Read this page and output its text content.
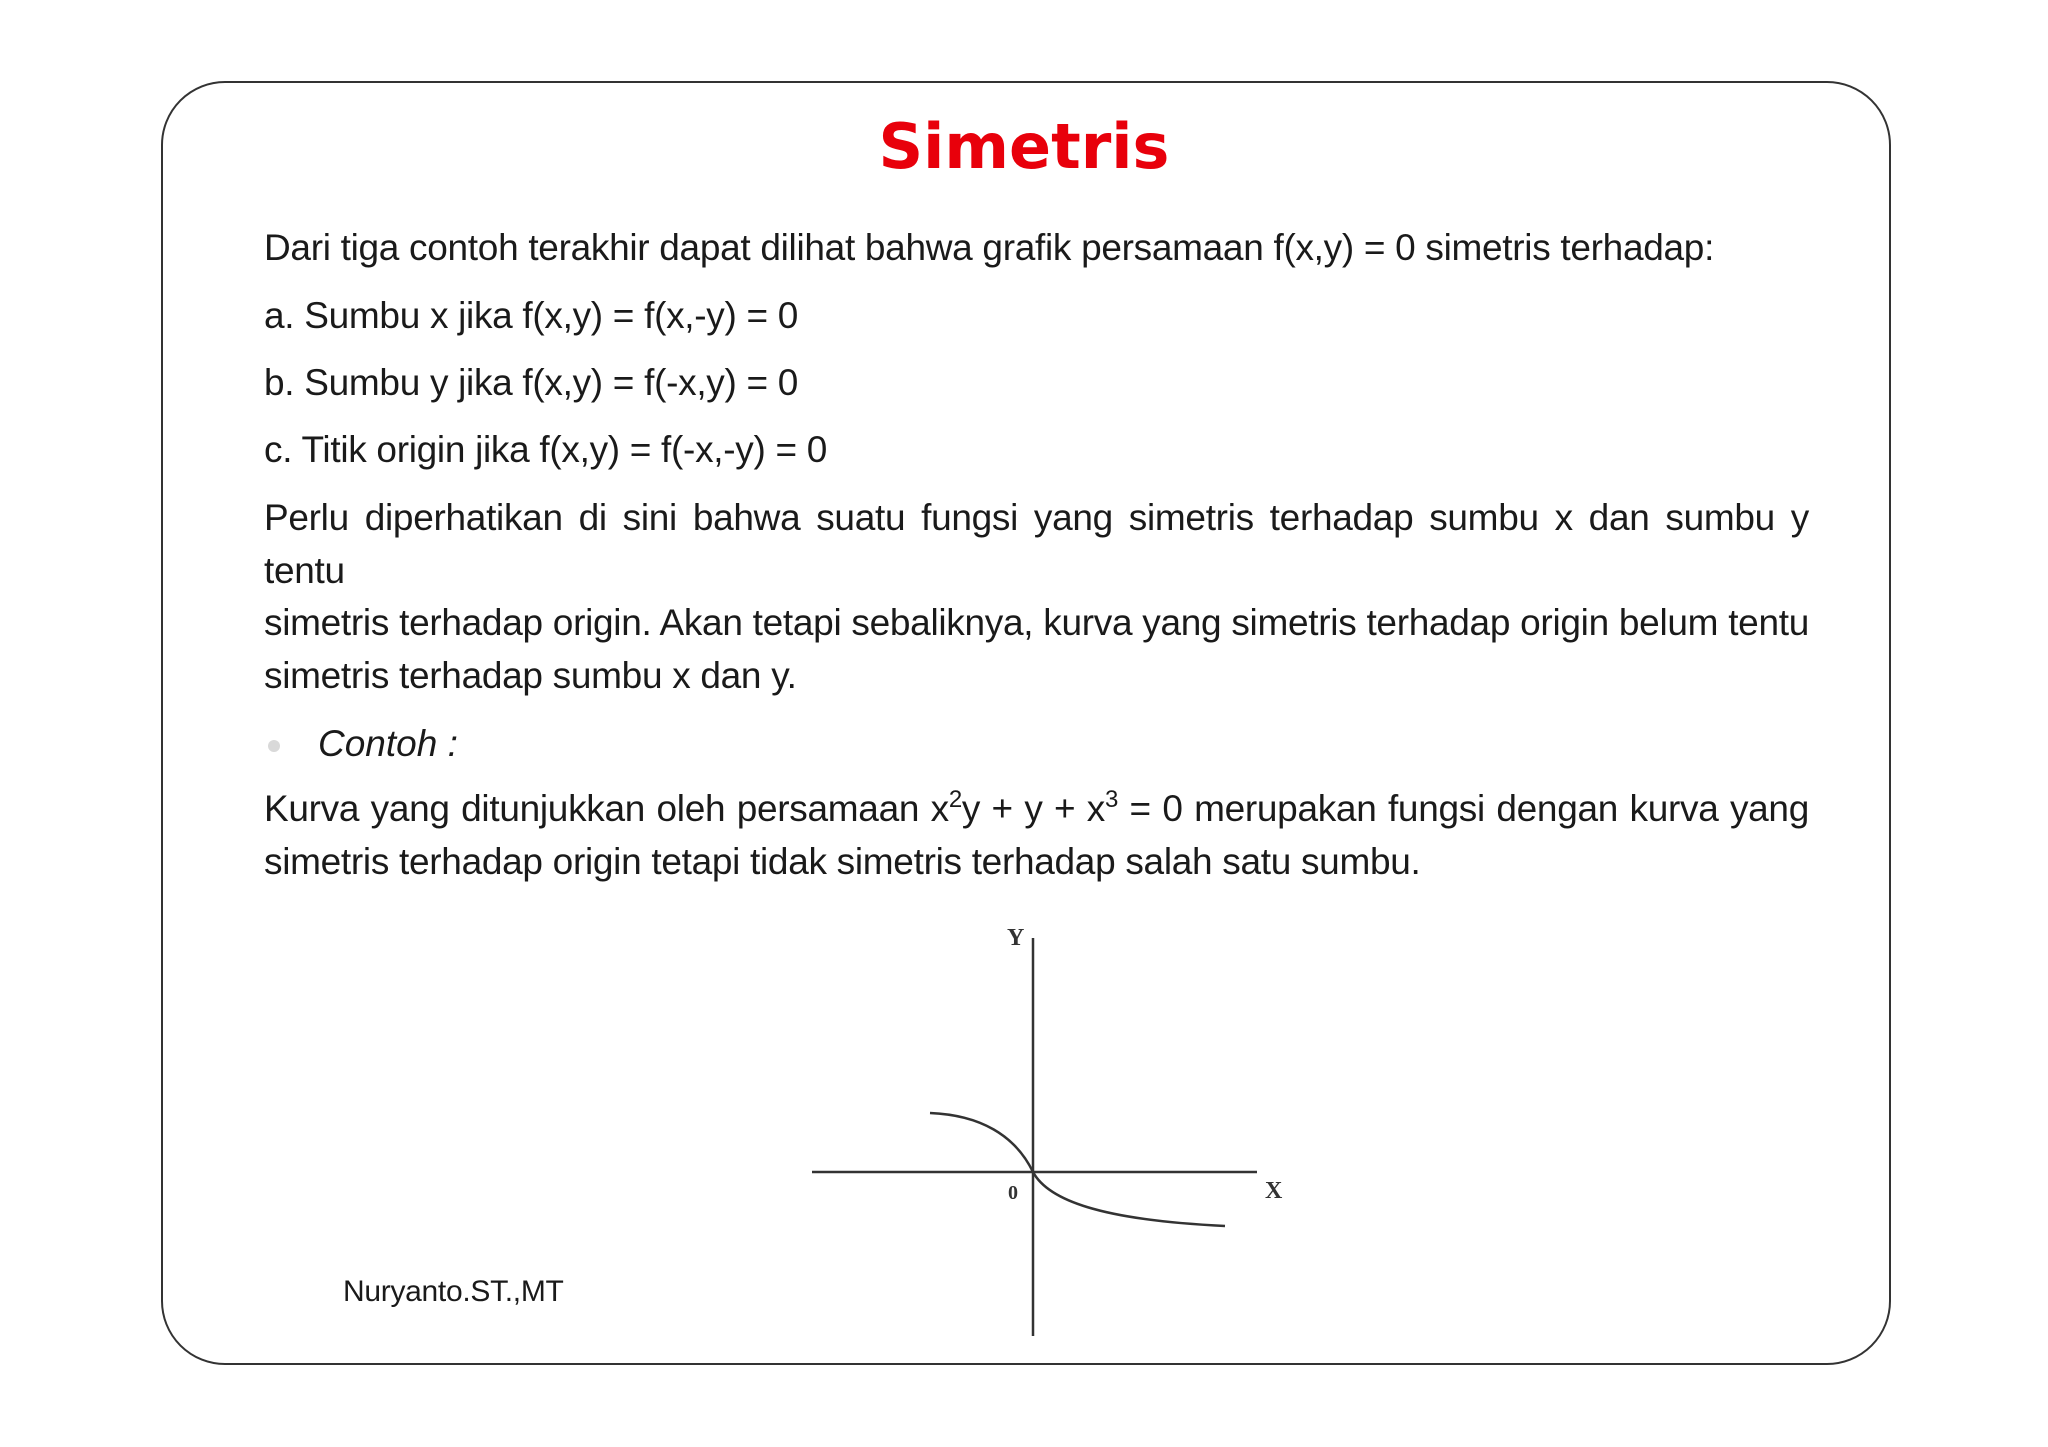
Simetris
Dari tiga contoh terakhir dapat dilihat bahwa grafik persamaan f(x,y) = 0 simetris terhadap:
a. Sumbu x jika f(x,y) = f(x,-y) = 0
b. Sumbu y jika f(x,y) = f(-x,y) = 0
c. Titik origin jika f(x,y) = f(-x,-y) = 0
Perlu diperhatikan di sini bahwa suatu fungsi yang simetris terhadap sumbu x dan sumbu y tentu
simetris terhadap origin. Akan tetapi sebaliknya, kurva yang simetris terhadap origin belum tentu
simetris terhadap sumbu x dan y.
Contoh :
Kurva yang ditunjukkan oleh persamaan $x^2y + y + x^3 = 0$ merupakan fungsi dengan kurva yang
simetris terhadap origin tetapi tidak simetris terhadap salah satu sumbu.
Y
X
0
Nuryanto.ST.,MT
